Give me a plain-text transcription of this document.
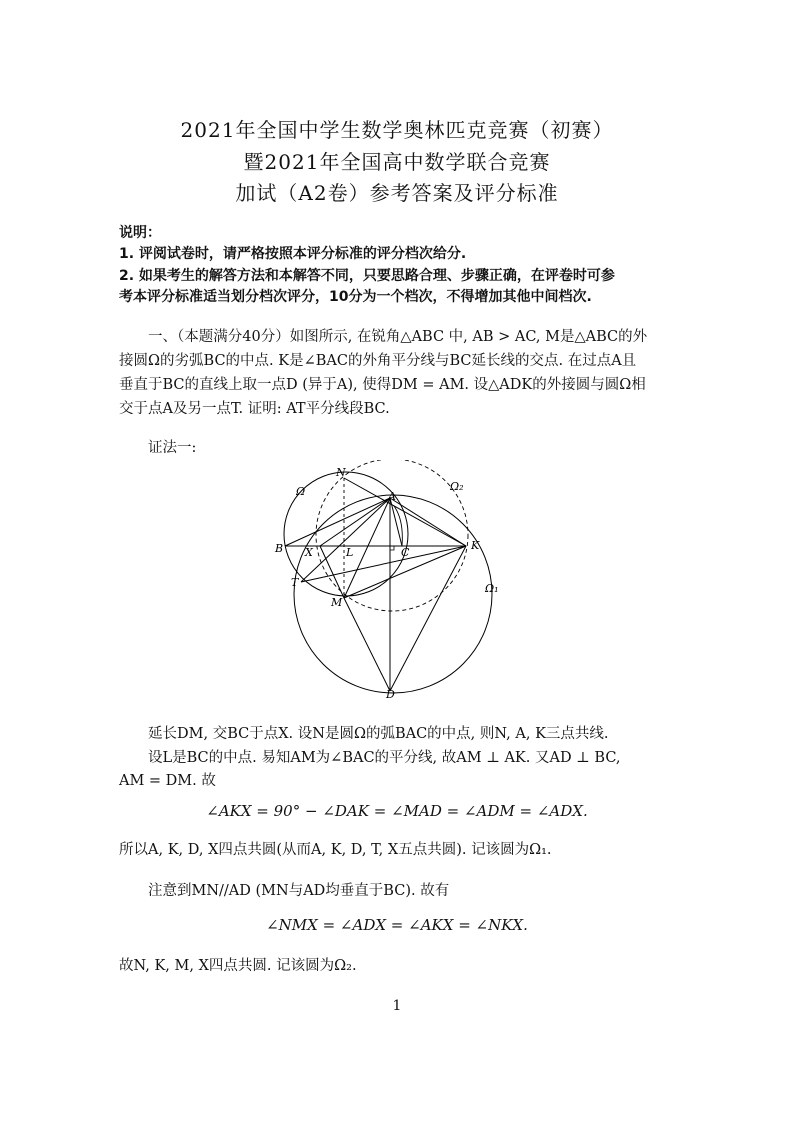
2021年全国中学生数学奥林匹克竞赛（初赛）
暨2021年全国高中数学联合竞赛
加试（A2卷）参考答案及评分标准
说明：
1. 评阅试卷时，请严格按照本评分标准的评分档次给分.
2. 如果考生的解答方法和本解答不同，只要思路合理、步骤正确，在评卷时可参
考本评分标准适当划分档次评分，10分为一个档次，不得增加其他中间档次.
一、（本题满分40分）如图所示, 在锐角△ABC 中, AB > AC, M是△ABC的外
接圆Ω的劣弧BC的中点. K是∠BAC的外角平分线与BC延长线的交点. 在过点A且
垂直于BC的直线上取一点D (异于A), 使得DM = AM. 设△ADK的外接圆与圆Ω相
交于点A及另一点T. 证明: AT平分线段BC.
证法一:
N
A
B X	L	C
K
T
M
D
Ω
Ω₁
Ω₂
延长DM, 交BC于点X. 设N是圆Ω的弧BAC的中点, 则N, A, K三点共线.
设L是BC的中点. 易知AM为∠BAC的平分线, 故AM ⊥ AK. 又AD ⊥ BC,
AM = DM. 故
∠AKX = 90° − ∠DAK = ∠MAD = ∠ADM = ∠ADX.
所以A, K, D, X四点共圆(从而A, K, D, T, X五点共圆). 记该圆为Ω₁.
注意到MN//AD (MN与AD均垂直于BC). 故有
∠NMX = ∠ADX = ∠AKX = ∠NKX.
故N, K, M, X四点共圆. 记该圆为Ω₂.
1
